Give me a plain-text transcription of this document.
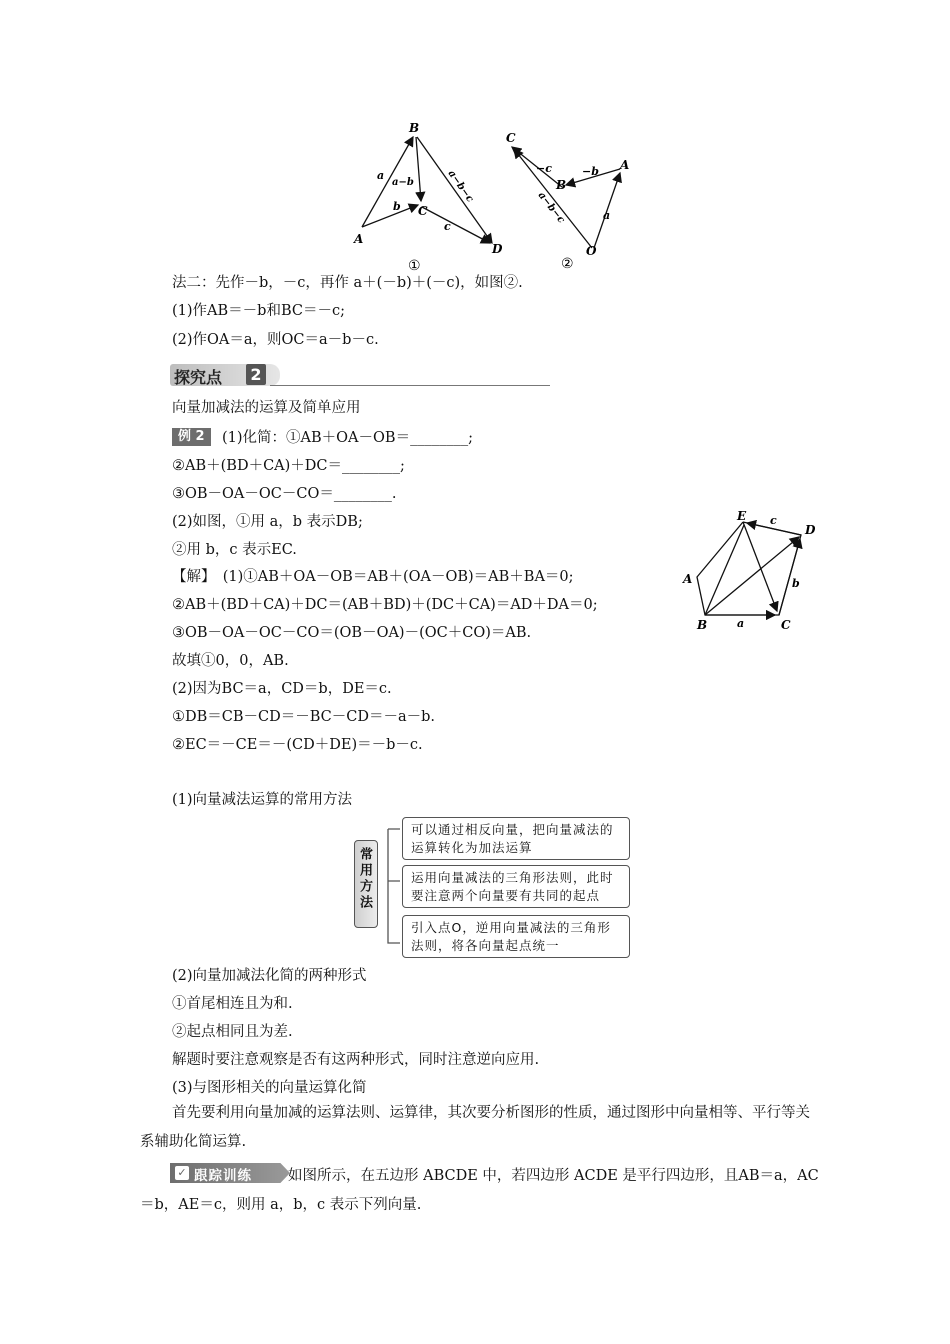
B
A
C
D
a
a−b
b
c
a−b−c
①
C
B
A
O
−c	−b
a
a−b−c
②
法二：先作－b，－c，再作 a＋(－b)＋(－c)，如图②.
(1)作AB＝－b和BC＝－c;
(2)作OA＝a，则OC＝a－b－c.
探究点 2
向量加减法的运算及简单应用
例 2	(1)化简：①AB＋OA－OB＝________;
②AB＋(BD＋CA)＋DC＝________;
③OB－OA－OC－CO＝________.
(2)如图，①用 a，b 表示DB;
②用 b，c 表示EC.
【解】　(1)①AB＋OA－OB＝AB＋(OA－OB)＝AB＋BA＝0;
②AB＋(BD＋CA)＋DC＝(AB＋BD)＋(DC＋CA)＝AD＋DA＝0;
③OB－OA－OC－CO＝(OB－OA)－(OC＋CO)＝AB.
故填①0，0，AB.
(2)因为BC＝a，CD＝b，DE＝c.
①DB＝CB－CD＝－BC－CD＝－a－b.
②EC＝－CE＝－(CD＋DE)＝－b－c.
E c
D
A	b
B	a	C
(1)向量减法运算的常用方法
常用方法
可以通过相反向量，把向量减法的运算转化为加法运算
运用向量减法的三角形法则，此时要注意两个向量要有共同的起点
引入点O，逆用向量减法的三角形法则，将各向量起点统一
(2)向量加减法化简的两种形式
①首尾相连且为和.
②起点相同且为差.
解题时要注意观察是否有这两种形式，同时注意逆向应用.
(3)与图形相关的向量运算化简
首先要利用向量加减的运算法则、运算律，其次要分析图形的性质，通过图形中向量相等、平行等关系辅助化简运算.
✓ 跟踪训练	如图所示，在五边形 ABCDE 中，若四边形 ACDE 是平行四边形，且AB＝a，AC＝b，AE＝c，则用 a，b，c 表示下列向量.
